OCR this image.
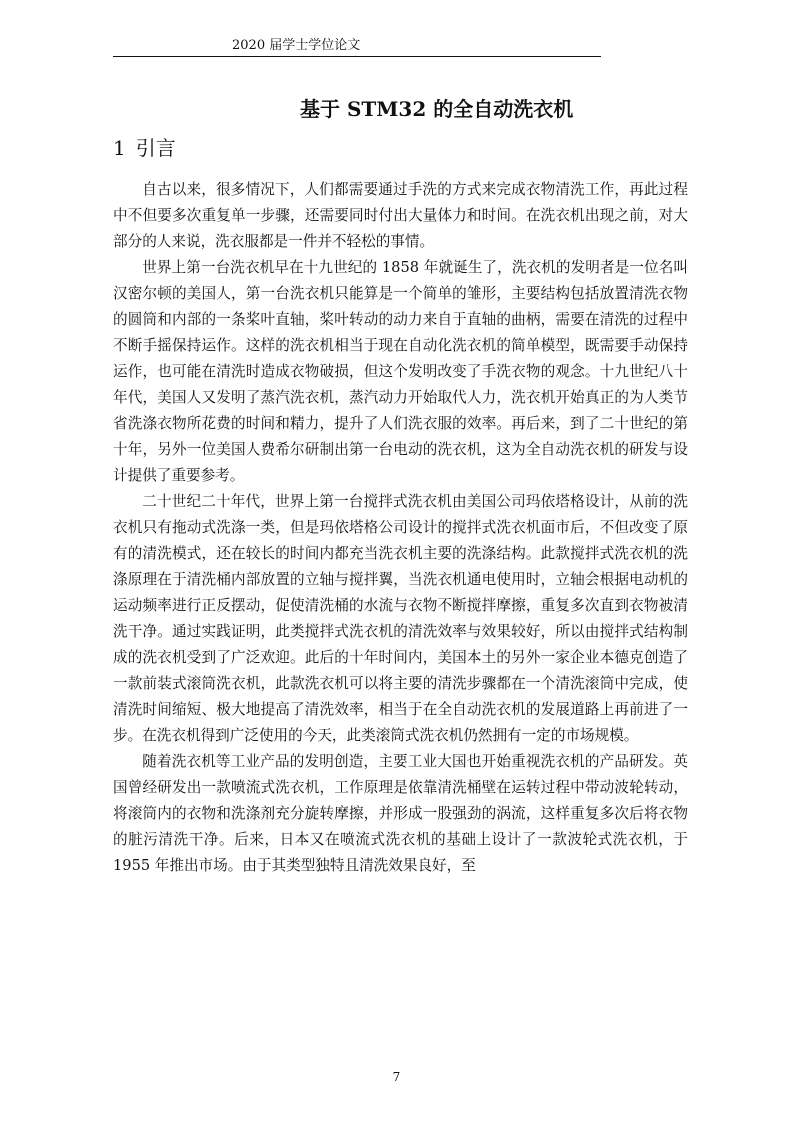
2020 届学士学位论文
基于 STM32 的全自动洗衣机
1 引言

自古以来，很多情况下，人们都需要通过手洗的方式来完成衣物清洗工作，再此过程中不但要多次重复单一步骤，还需要同时付出大量体力和时间。在洗衣机出现之前，对大部分的人来说，洗衣服都是一件并不轻松的事情。

世界上第一台洗衣机早在十九世纪的 1858 年就诞生了，洗衣机的发明者是一位名叫汉密尔顿的美国人，第一台洗衣机只能算是一个简单的雏形，主要结构包括放置清洗衣物的圆筒和内部的一条桨叶直轴，桨叶转动的动力来自于直轴的曲柄，需要在清洗的过程中不断手摇保持运作。这样的洗衣机相当于现在自动化洗衣机的简单模型，既需要手动保持运作，也可能在清洗时造成衣物破损，但这个发明改变了手洗衣物的观念。十九世纪八十年代，美国人又发明了蒸汽洗衣机，蒸汽动力开始取代人力，洗衣机开始真正的为人类节省洗涤衣物所花费的时间和精力，提升了人们洗衣服的效率。再后来，到了二十世纪的第十年，另外一位美国人费希尔研制出第一台电动的洗衣机，这为全自动洗衣机的研发与设计提供了重要参考。

二十世纪二十年代，世界上第一台搅拌式洗衣机由美国公司玛依塔格设计，从前的洗衣机只有拖动式洗涤一类，但是玛依塔格公司设计的搅拌式洗衣机面市后，不但改变了原有的清洗模式，还在较长的时间内都充当洗衣机主要的洗涤结构。此款搅拌式洗衣机的洗涤原理在于清洗桶内部放置的立轴与搅拌翼，当洗衣机通电使用时，立轴会根据电动机的运动频率进行正反摆动，促使清洗桶的水流与衣物不断搅拌摩擦，重复多次直到衣物被清洗干净。通过实践证明，此类搅拌式洗衣机的清洗效率与效果较好，所以由搅拌式结构制成的洗衣机受到了广泛欢迎。此后的十年时间内，美国本土的另外一家企业本德克创造了一款前装式滚筒洗衣机，此款洗衣机可以将主要的清洗步骤都在一个清洗滚筒中完成，使清洗时间缩短、极大地提高了清洗效率，相当于在全自动洗衣机的发展道路上再前进了一步。在洗衣机得到广泛使用的今天，此类滚筒式洗衣机仍然拥有一定的市场规模。

随着洗衣机等工业产品的发明创造，主要工业大国也开始重视洗衣机的产品研发。英国曾经研发出一款喷流式洗衣机，工作原理是依靠清洗桶壁在运转过程中带动波轮转动，将滚筒内的衣物和洗涤剂充分旋转摩擦，并形成一股强劲的涡流，这样重复多次后将衣物的脏污清洗干净。后来，日本又在喷流式洗衣机的基础上设计了一款波轮式洗衣机，于 1955 年推出市场。由于其类型独特且清洗效果良好，至

7
